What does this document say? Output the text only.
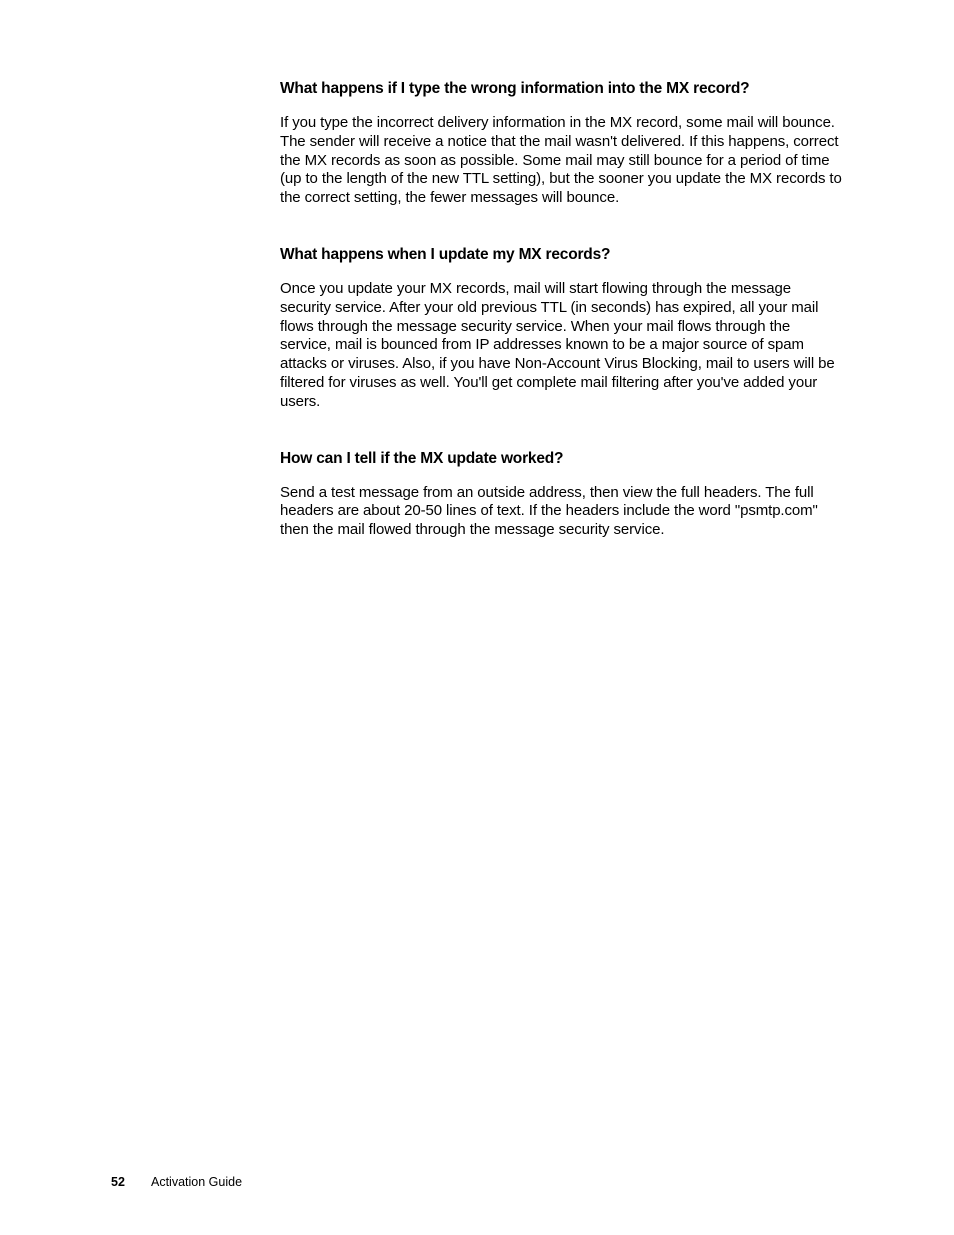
What happens if I type the wrong information into the MX record?

If you type the incorrect delivery information in the MX record, some mail will bounce. The sender will receive a notice that the mail wasn't delivered. If this happens, correct the MX records as soon as possible. Some mail may still bounce for a period of time (up to the length of the new TTL setting), but the sooner you update the MX records to the correct setting, the fewer messages will bounce.

What happens when I update my MX records?

Once you update your MX records, mail will start flowing through the message security service. After your old previous TTL (in seconds) has expired, all your mail flows through the message security service. When your mail flows through the service, mail is bounced from IP addresses known to be a major source of spam attacks or viruses. Also, if you have Non-Account Virus Blocking, mail to users will be filtered for viruses as well. You'll get complete mail filtering after you've added your users.

How can I tell if the MX update worked?

Send a test message from an outside address, then view the full headers. The full headers are about 20-50 lines of text. If the headers include the word "psmtp.com" then the mail flowed through the message security service.

52 Activation Guide
